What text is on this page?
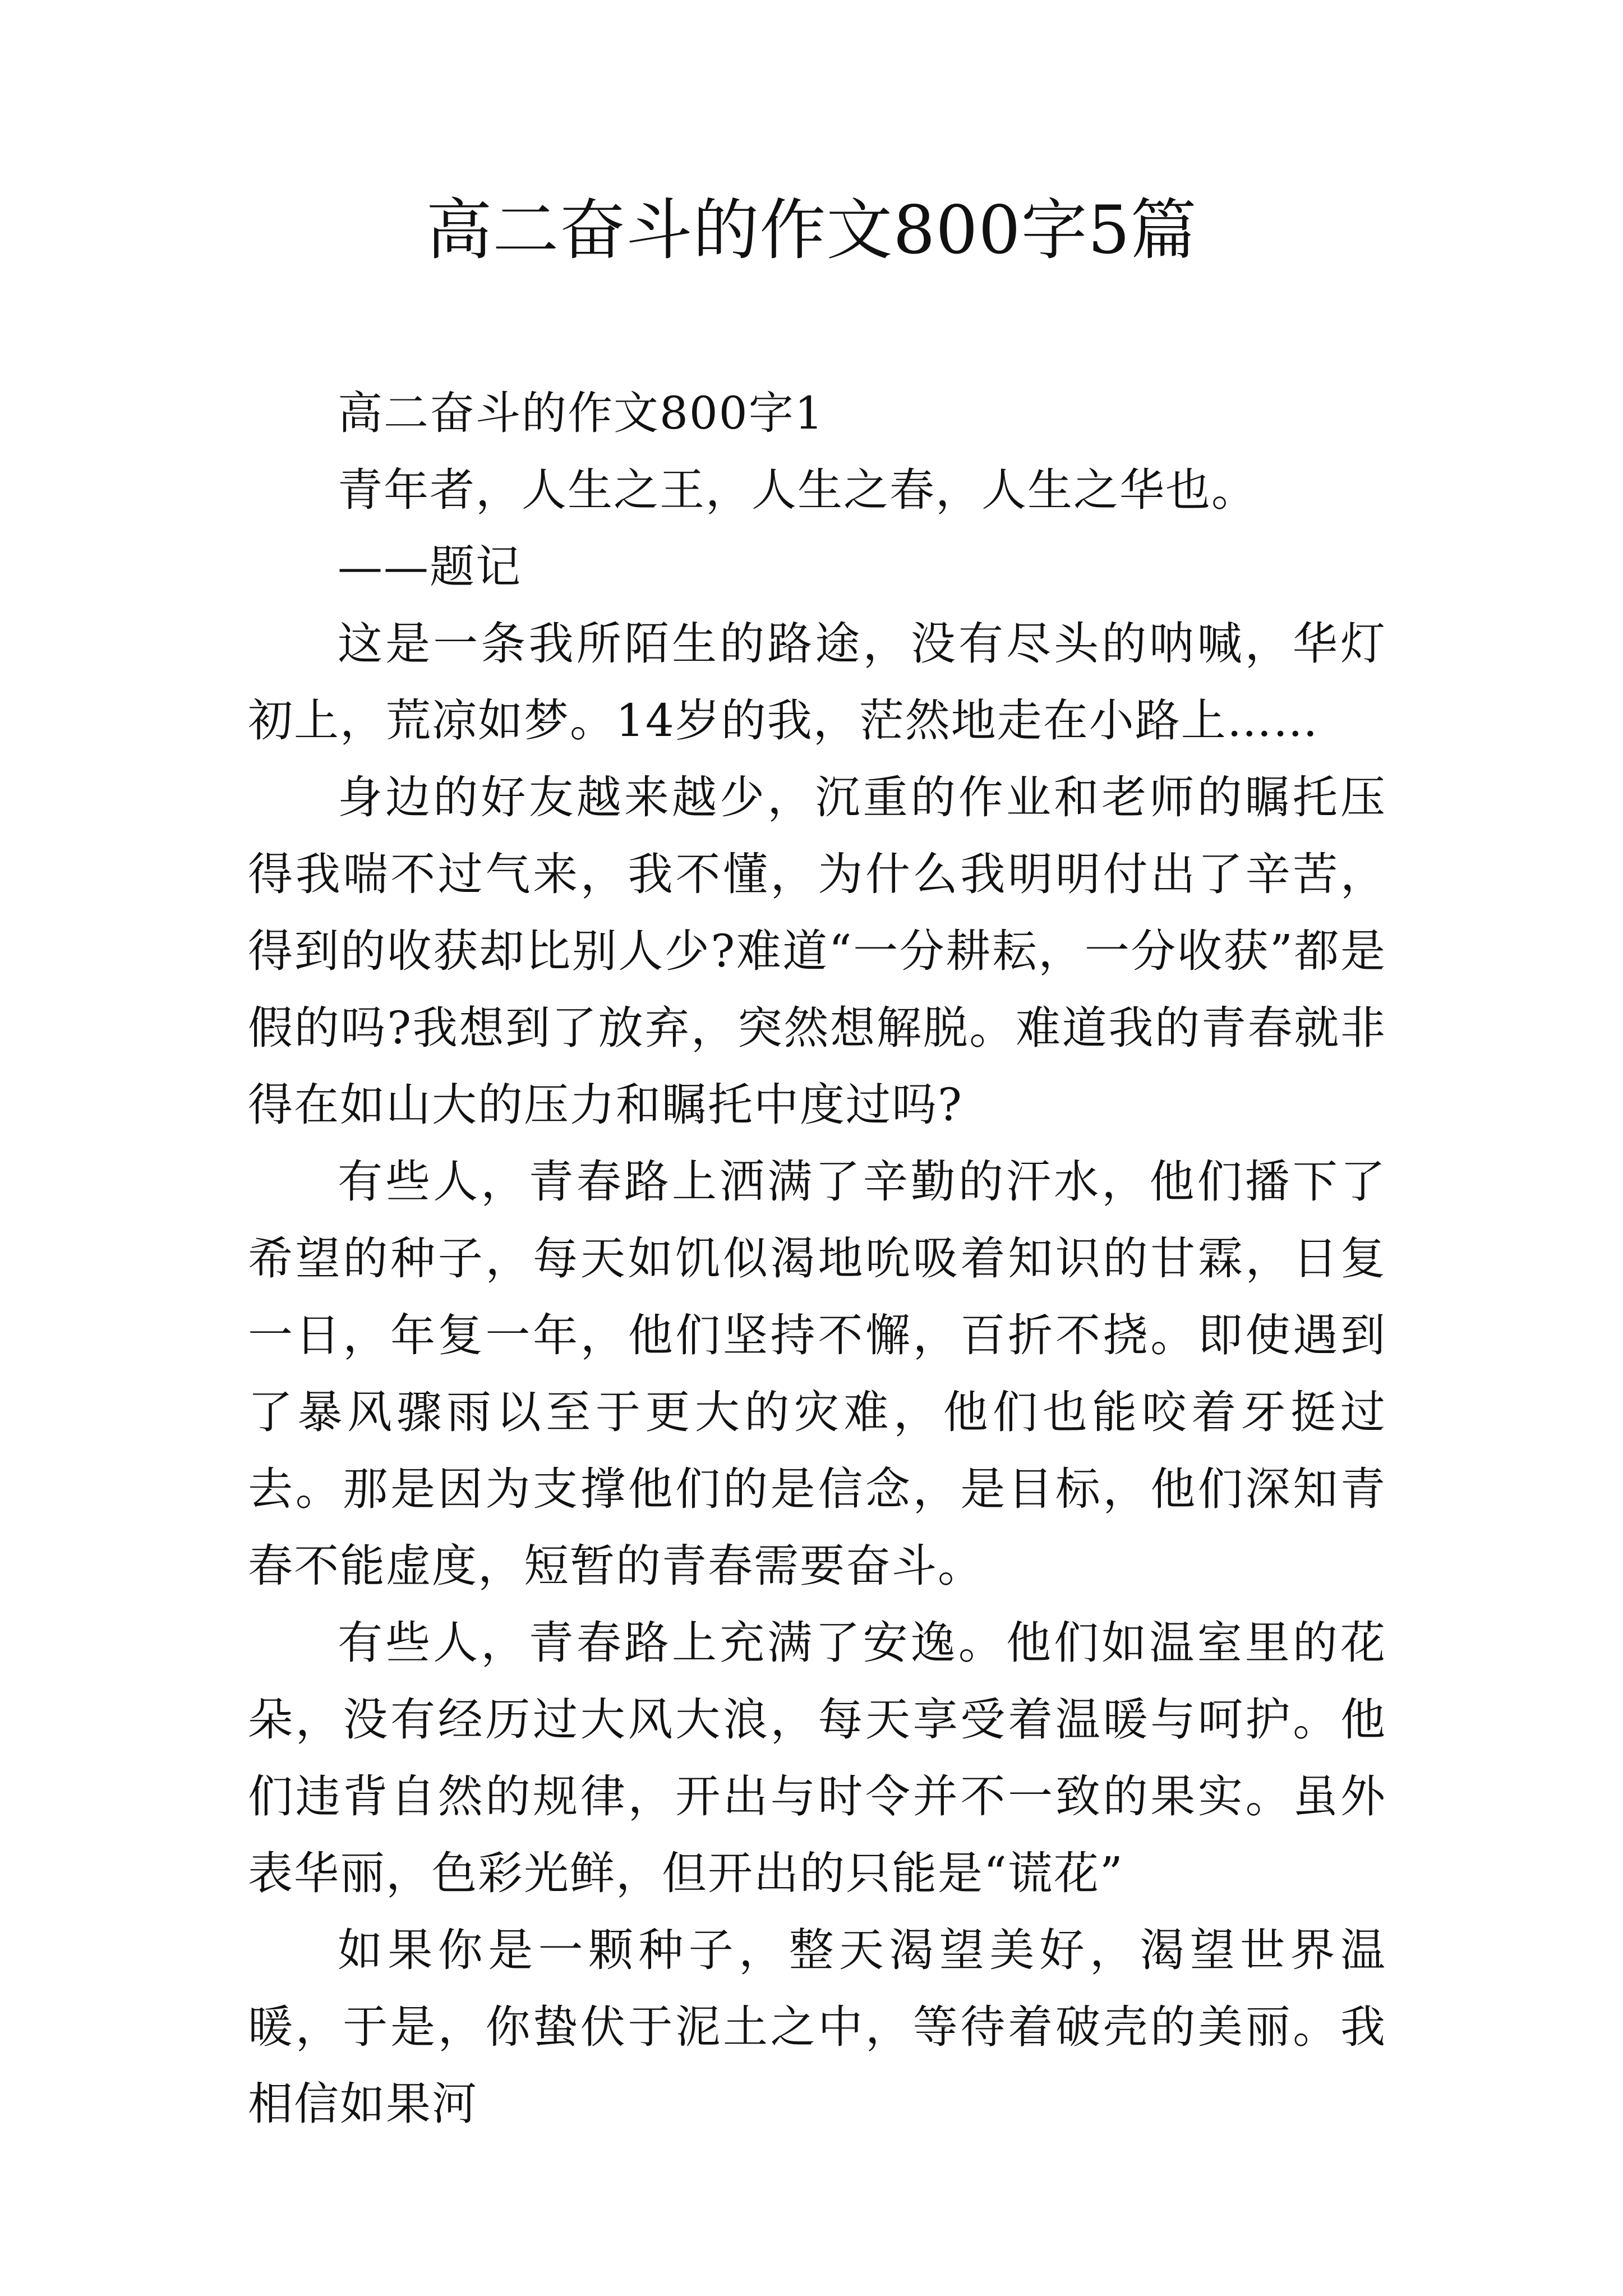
高二奋斗的作文800字5篇

高二奋斗的作文800字1

青年者，人生之王，人生之春，人生之华也。

——题记

这是一条我所陌生的路途，没有尽头的呐喊，华灯初上，荒凉如梦。14岁的我，茫然地走在小路上……

身边的好友越来越少，沉重的作业和老师的瞩托压得我喘不过气来，我不懂，为什么我明明付出了辛苦，得到的收获却比别人少?难道“一分耕耘，一分收获”都是假的吗?我想到了放弃，突然想解脱。难道我的青春就非得在如山大的压力和瞩托中度过吗?

有些人，青春路上洒满了辛勤的汗水，他们播下了希望的种子，每天如饥似渴地吮吸着知识的甘霖，日复一日，年复一年，他们坚持不懈，百折不挠。即使遇到了暴风骤雨以至于更大的灾难，他们也能咬着牙挺过去。那是因为支撑他们的是信念，是目标，他们深知青春不能虚度，短暂的青春需要奋斗。

有些人，青春路上充满了安逸。他们如温室里的花朵，没有经历过大风大浪，每天享受着温暖与呵护。他们违背自然的规律，开出与时令并不一致的果实。虽外表华丽，色彩光鲜，但开出的只能是“谎花”

如果你是一颗种子，整天渴望美好，渴望世界温暖，于是，你蛰伏于泥土之中，等待着破壳的美丽。我相信如果河
